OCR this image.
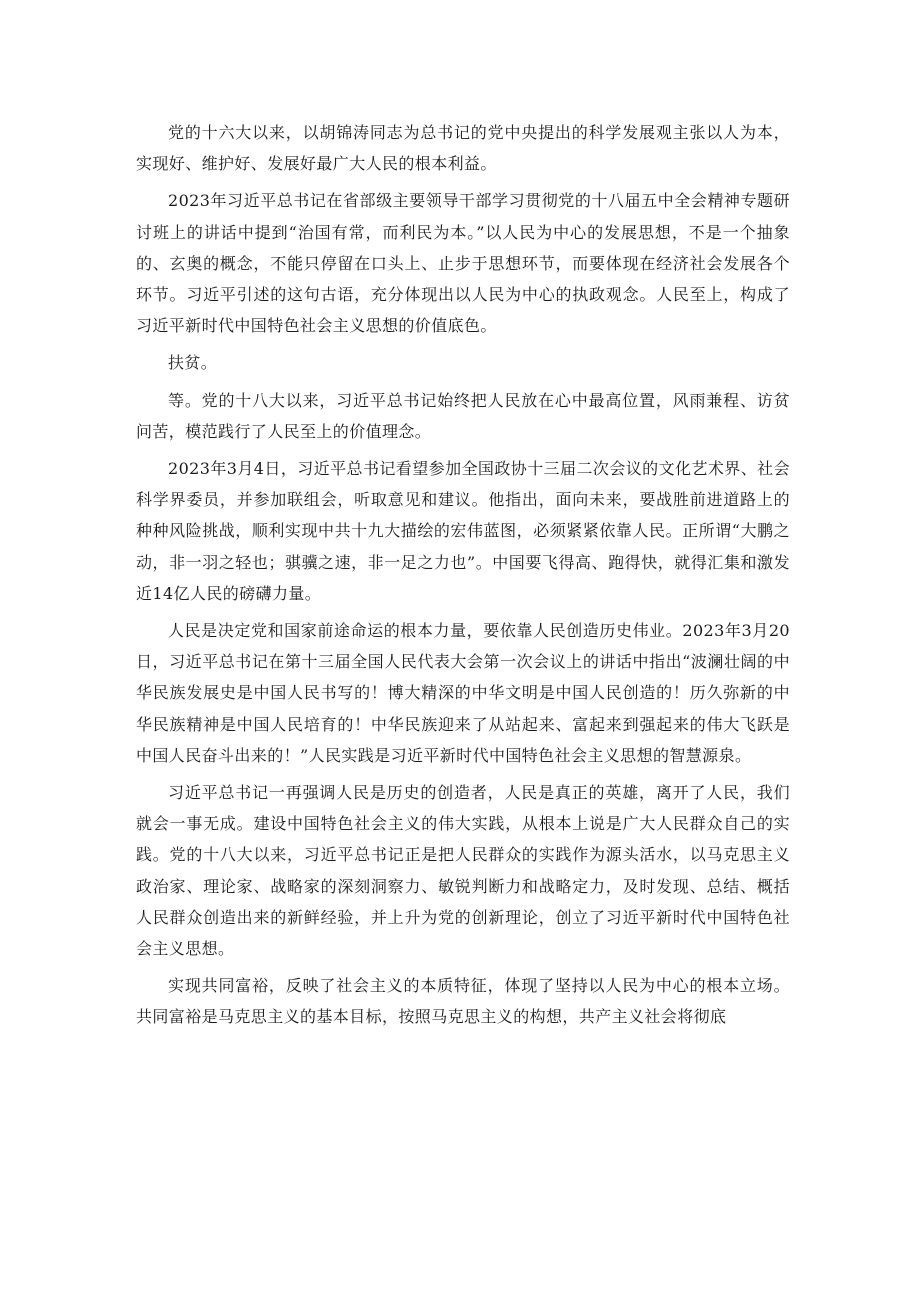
党的十六大以来，以胡锦涛同志为总书记的党中央提出的科学发展观主张以人为本，实现好、维护好、发展好最广大人民的根本利益。

2023年习近平总书记在省部级主要领导干部学习贯彻党的十八届五中全会精神专题研讨班上的讲话中提到“治国有常，而利民为本。”以人民为中心的发展思想，不是一个抽象的、玄奥的概念，不能只停留在口头上、止步于思想环节，而要体现在经济社会发展各个环节。习近平引述的这句古语，充分体现出以人民为中心的执政观念。人民至上，构成了习近平新时代中国特色社会主义思想的价值底色。

扶贫。

等。党的十八大以来，习近平总书记始终把人民放在心中最高位置，风雨兼程、访贫问苦，模范践行了人民至上的价值理念。

2023年3月4日，习近平总书记看望参加全国政协十三届二次会议的文化艺术界、社会科学界委员，并参加联组会，听取意见和建议。他指出，面向未来，要战胜前进道路上的种种风险挑战，顺利实现中共十九大描绘的宏伟蓝图，必须紧紧依靠人民。正所谓“大鹏之动，非一羽之轻也；骐骥之速，非一足之力也”。中国要飞得高、跑得快，就得汇集和激发近14亿人民的磅礴力量。

人民是决定党和国家前途命运的根本力量，要依靠人民创造历史伟业。2023年3月20日，习近平总书记在第十三届全国人民代表大会第一次会议上的讲话中指出“波澜壮阔的中华民族发展史是中国人民书写的！博大精深的中华文明是中国人民创造的！历久弥新的中华民族精神是中国人民培育的！中华民族迎来了从站起来、富起来到强起来的伟大飞跃是中国人民奋斗出来的！”人民实践是习近平新时代中国特色社会主义思想的智慧源泉。

习近平总书记一再强调人民是历史的创造者，人民是真正的英雄，离开了人民，我们就会一事无成。建设中国特色社会主义的伟大实践，从根本上说是广大人民群众自己的实践。党的十八大以来，习近平总书记正是把人民群众的实践作为源头活水，以马克思主义政治家、理论家、战略家的深刻洞察力、敏锐判断力和战略定力，及时发现、总结、概括人民群众创造出来的新鲜经验，并上升为党的创新理论，创立了习近平新时代中国特色社会主义思想。

实现共同富裕，反映了社会主义的本质特征，体现了坚持以人民为中心的根本立场。共同富裕是马克思主义的基本目标，按照马克思主义的构想，共产主义社会将彻底
